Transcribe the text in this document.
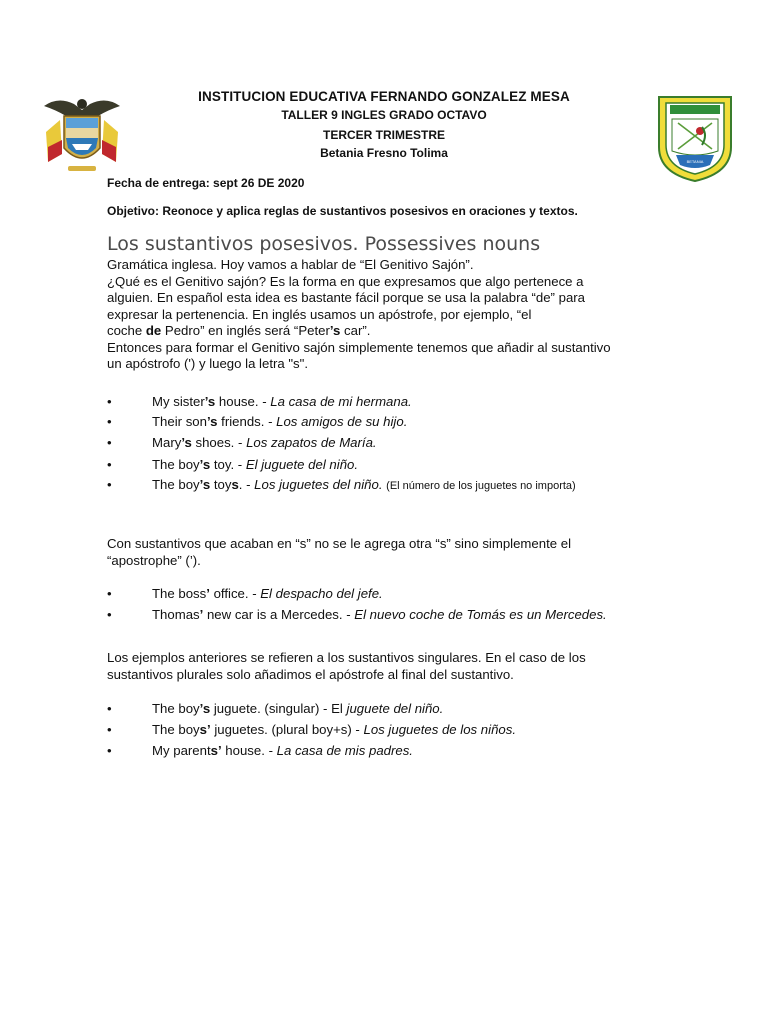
BETANIA
INSTITUCION EDUCATIVA FERNANDO GONZALEZ MESA
TALLER 9 INGLES GRADO OCTAVO
TERCER TRIMESTRE
Betania Fresno Tolima
Fecha de entrega: sept 26 DE 2020
Objetivo: Reonoce y aplica reglas de sustantivos posesivos en oraciones y textos.
Los sustantivos posesivos. Possessives nouns
Gramática inglesa. Hoy vamos a hablar de “El Genitivo Sajón”.
¿Qué es el Genitivo sajón? Es la forma en que expresamos que algo pertenece a
alguien. En español esta idea es bastante fácil porque se usa la palabra “de” para
expresar la pertenencia. En inglés usamos un apóstrofe, por ejemplo, “el
coche de Pedro” en inglés será “Peter’s car”.
Entonces para formar el Genitivo sajón simplemente tenemos que añadir al sustantivo
un apóstrofo (') y luego la letra "s".
•	My sister’s house. - La casa de mi hermana.
•	Their son’s friends. - Los amigos de su hijo.
•	Mary’s shoes. - Los zapatos de María.
•	The boy’s toy. - El juguete del niño.
•	The boy’s toys. - Los juguetes del niño. (El número de los juguetes no importa)
Con sustantivos que acaban en “s” no se le agrega otra “s” sino simplemente el
“apostrophe” (’).
•	The boss’ office. - El despacho del jefe.
•	Thomas’ new car is a Mercedes. - El nuevo coche de Tomás es un Mercedes.
Los ejemplos anteriores se refieren a los sustantivos singulares. En el caso de los
sustantivos plurales solo añadimos el apóstrofe al final del sustantivo.
•	The boy’s juguete. (singular) - El juguete del niño.
•	The boys’ juguetes. (plural boy+s) - Los juguetes de los niños.
•	My parents’ house. - La casa de mis padres.
